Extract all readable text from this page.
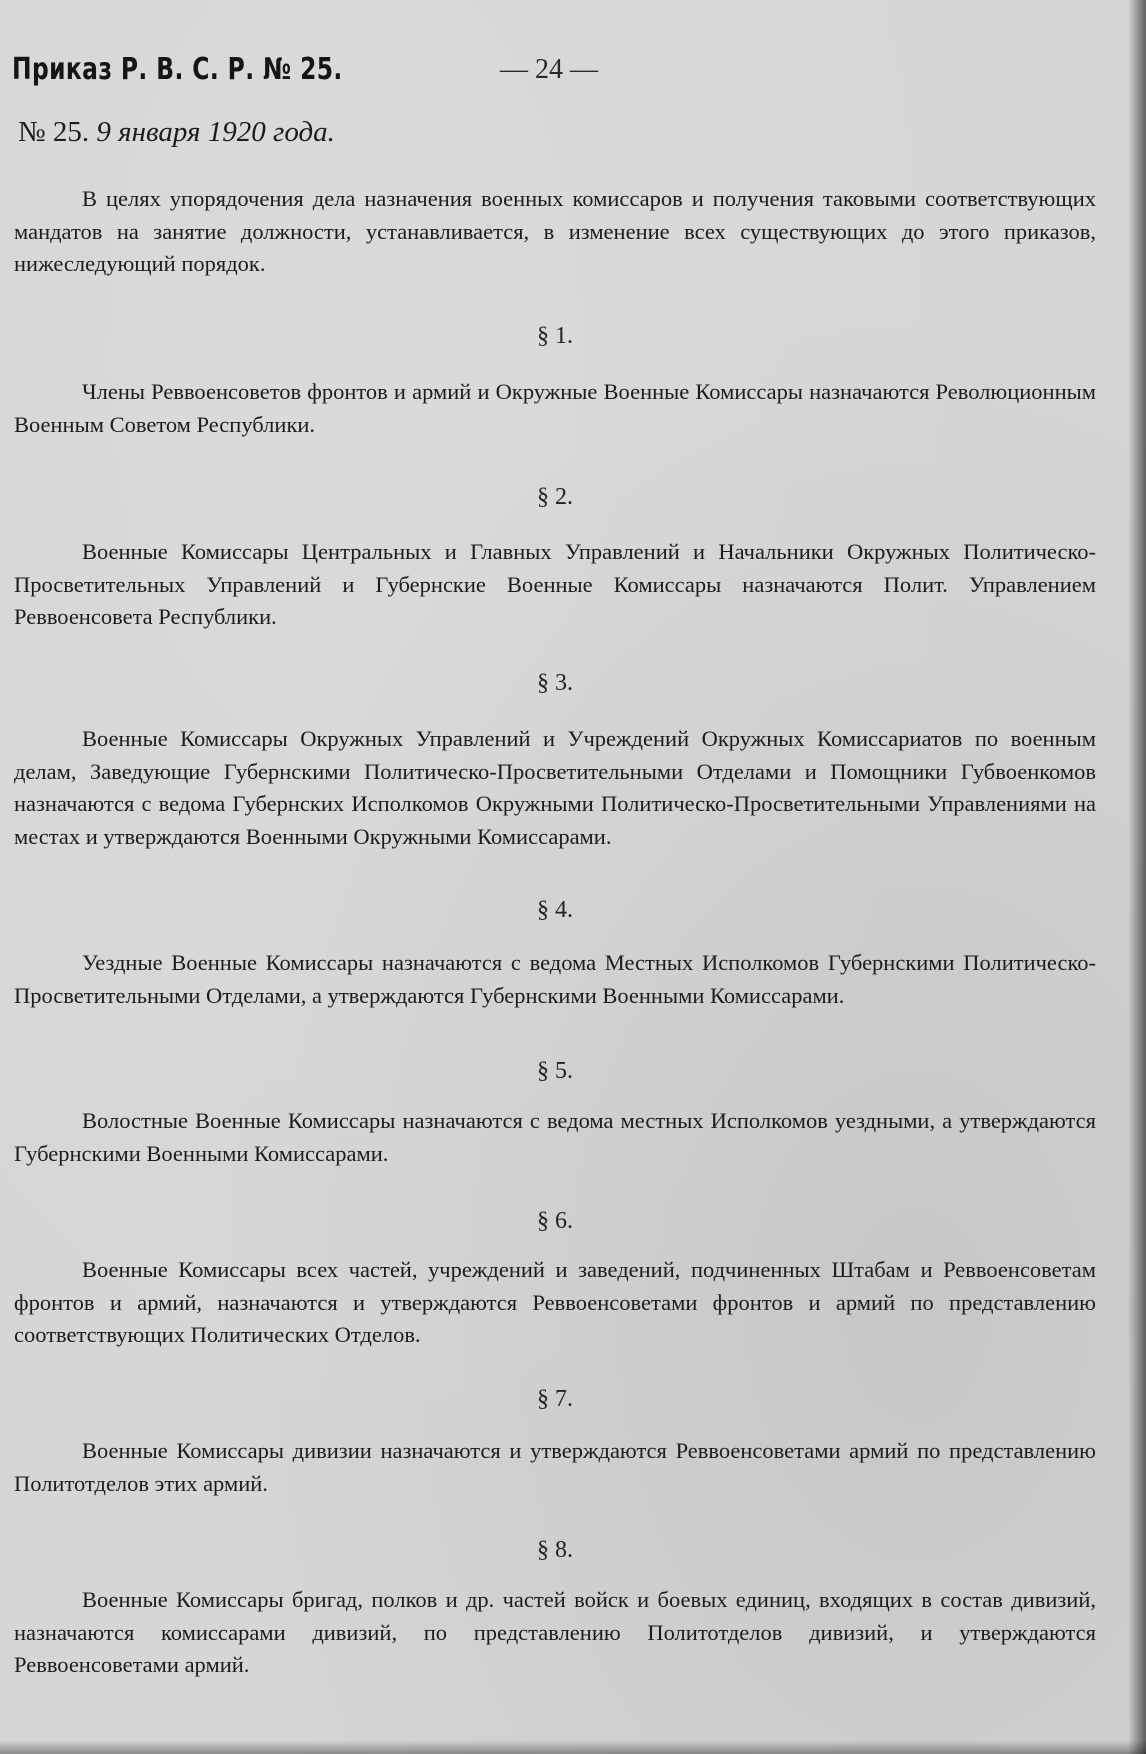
Приказ Р. В. С. Р. № 25.	— 24 —
№ 25. 9 января 1920 года.
В целях упорядочения дела назначения военных комиссаров и получения таковыми соответствующих мандатов на занятие должности, устанавливается, в изменение всех существующих до этого приказов, нижеследующий порядок.
§ 1.
Члены Реввоенсоветов фронтов и армий и Окружные Военные Комиссары назначаются Революционным Военным Советом Республики.
§ 2.
Военные Комиссары Центральных и Главных Управлений и Начальники Окружных Политическо-Просветительных Управлений и Губернские Военные Комиссары назначаются Полит. Управлением Реввоенсовета Республики.
§ 3.
Военные Комиссары Окружных Управлений и Учреждений Окружных Комиссариатов по военным делам, Заведующие Губернскими Политическо-Просветительными Отделами и Помощники Губвоенкомов назначаются с ведома Губернских Исполкомов Окружными Политическо-Просветительными Управлениями на местах и утверждаются Военными Окружными Комиссарами.
§ 4.
Уездные Военные Комиссары назначаются с ведома Местных Исполкомов Губернскими Политическо-Просветительными Отделами, а утверждаются Губернскими Военными Комиссарами.
§ 5.
Волостные Военные Комиссары назначаются с ведома местных Исполкомов уездными, а утверждаются Губернскими Военными Комиссарами.
§ 6.
Военные Комиссары всех частей, учреждений и заведений, подчиненных Штабам и Реввоенсоветам фронтов и армий, назначаются и утверждаются Реввоенсоветами фронтов и армий по представлению соответствующих Политических Отделов.
§ 7.
Военные Комиссары дивизии назначаются и утверждаются Реввоенсоветами армий по представлению Политотделов этих армий.
§ 8.
Военные Комиссары бригад, полков и др. частей войск и боевых единиц, входящих в состав дивизий, назначаются комиссарами дивизий, по представлению Политотделов дивизий, и утверждаются Реввоенсоветами армий.
